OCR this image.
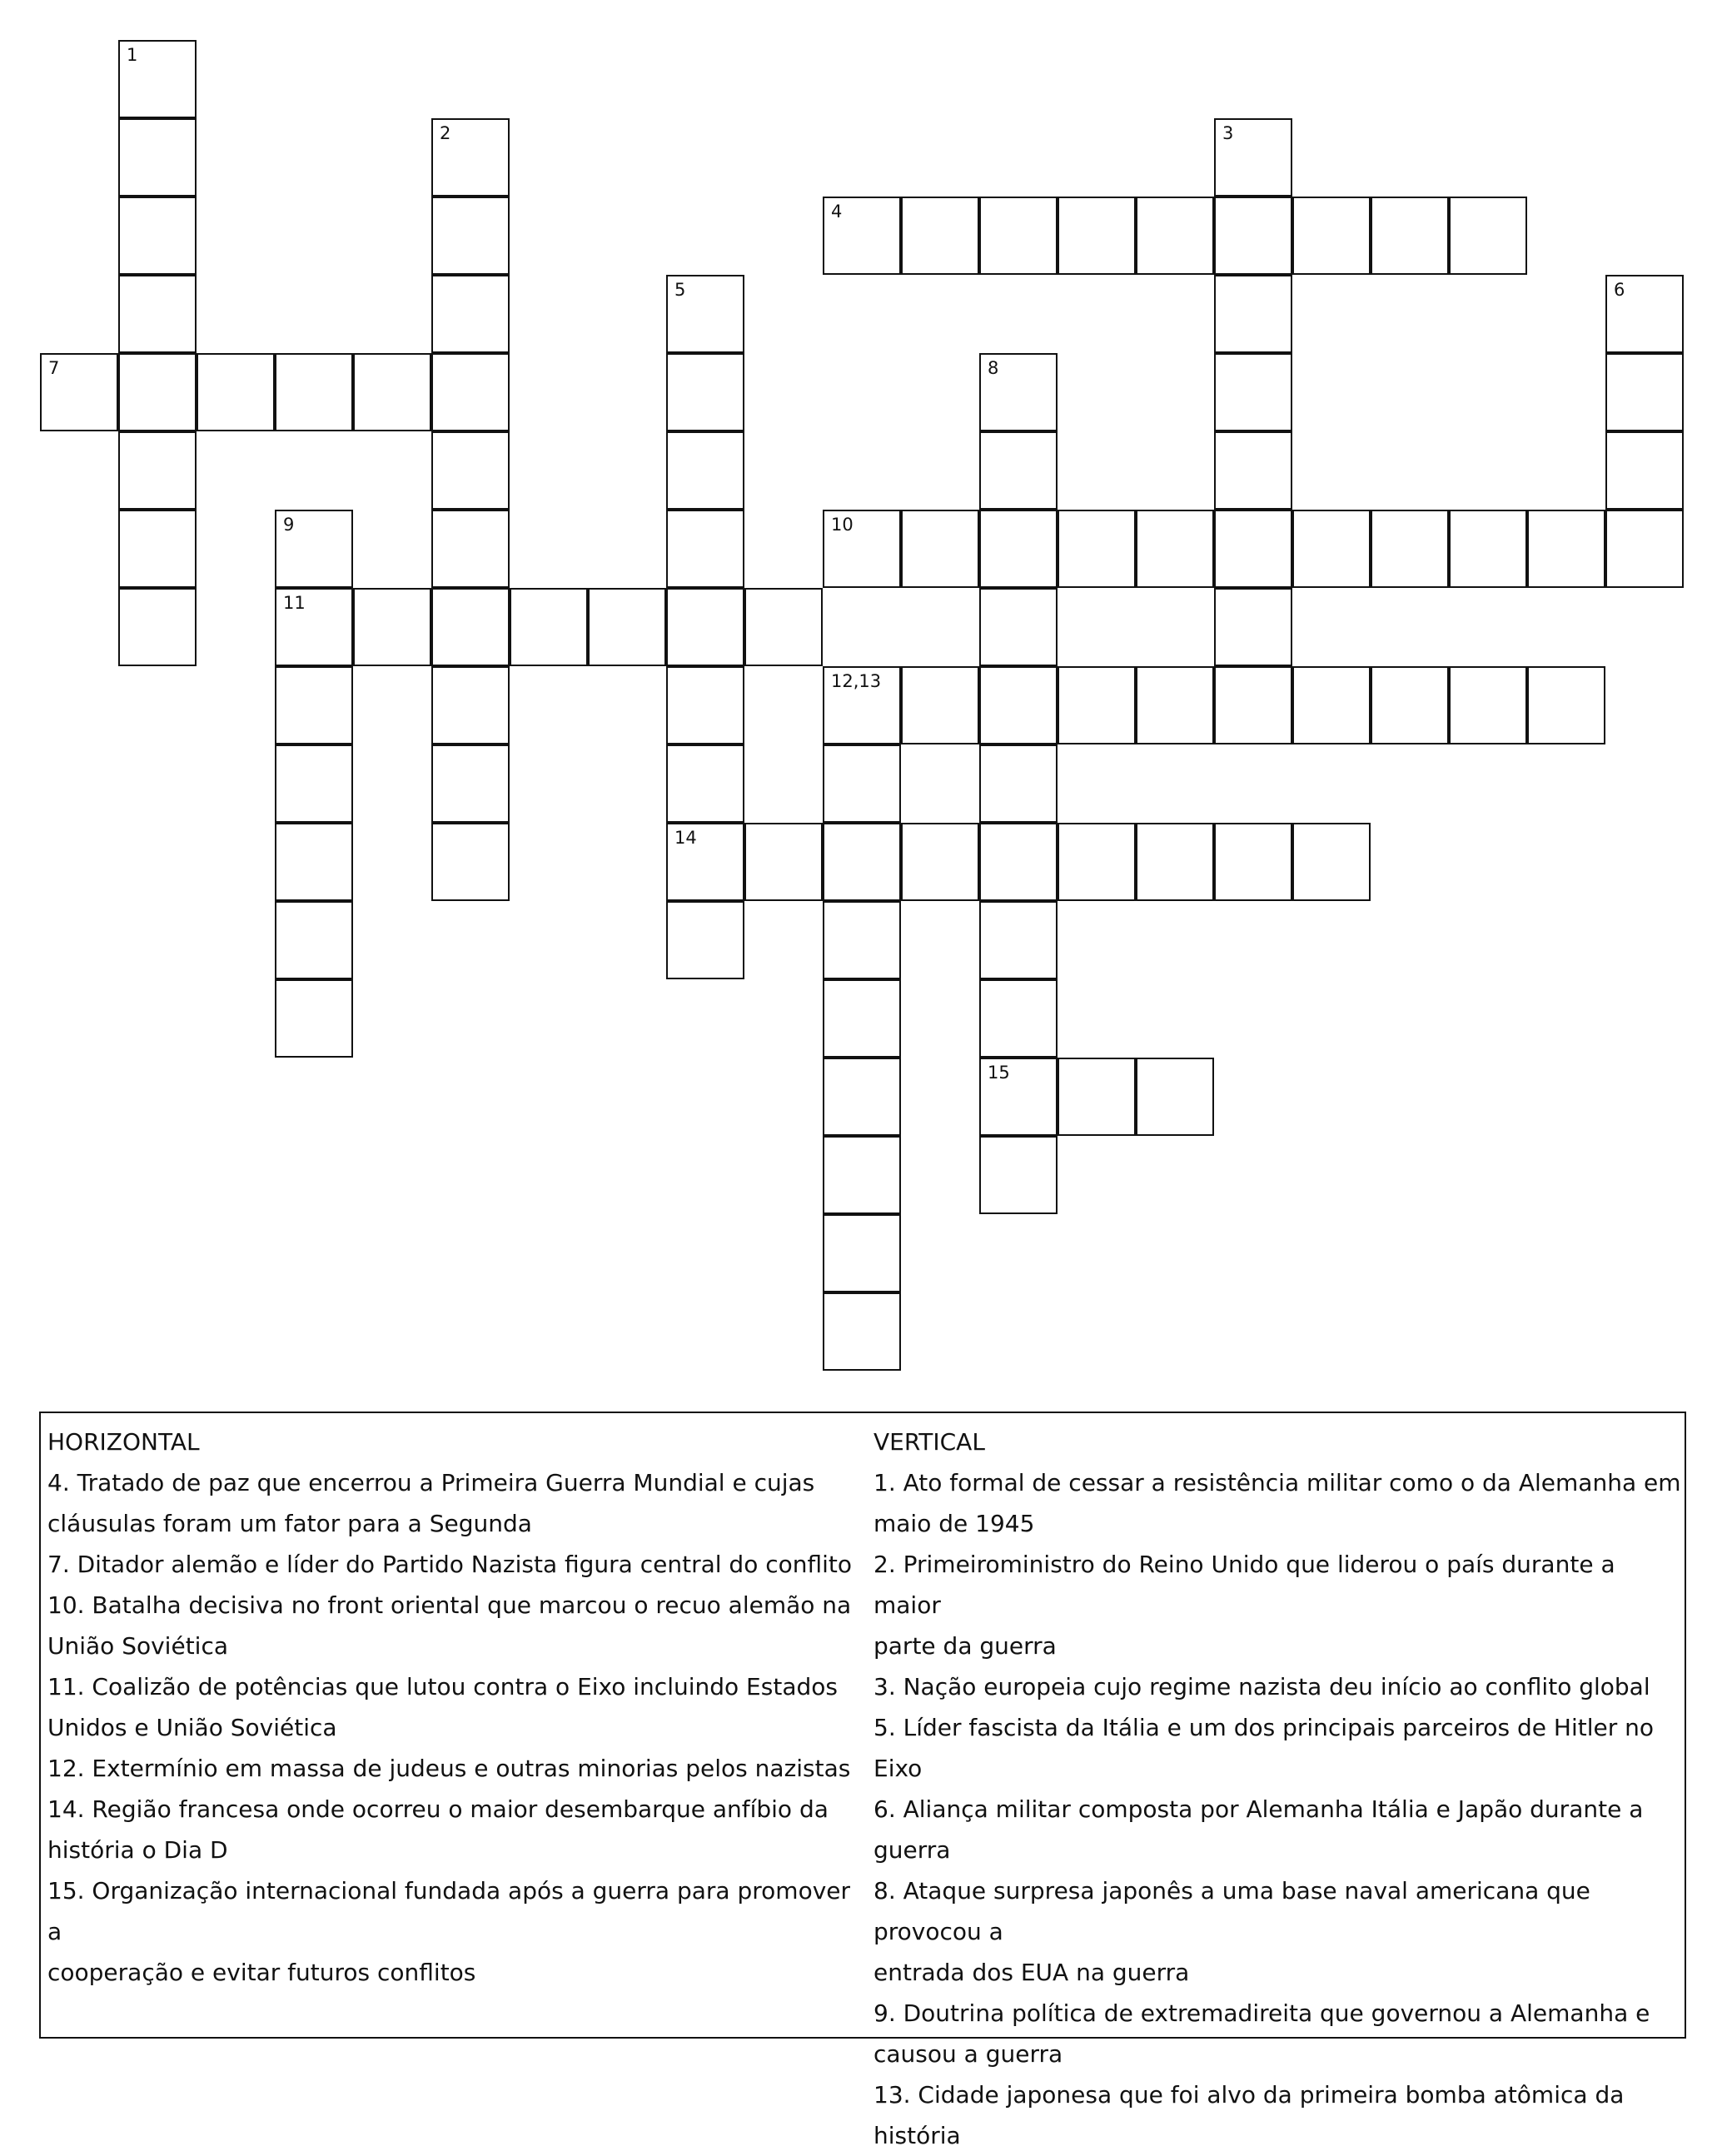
1
2	3
4
5
14
6
7	8
15
9
11
10
12,13

HORIZONTAL

4. Tratado de paz que encerrou a Primeira Guerra Mundial e cujas

cláusulas foram um fator para a Segunda

7. Ditador alemão e líder do Partido Nazista figura central do conflito

10. Batalha decisiva no front oriental que marcou o recuo alemão na

União Soviética

11. Coalizão de potências que lutou contra o Eixo incluindo Estados

Unidos e União Soviética

12. Extermínio em massa de judeus e outras minorias pelos nazistas

14. Região francesa onde ocorreu o maior desembarque anfíbio da

história o Dia D

15. Organização internacional fundada após a guerra para promover a

cooperação e evitar futuros conflitos

VERTICAL

1. Ato formal de cessar a resistência militar como o da Alemanha em

maio de 1945

2. Primeiroministro do Reino Unido que liderou o país durante a maior

parte da guerra

3. Nação europeia cujo regime nazista deu início ao conflito global

5. Líder fascista da Itália e um dos principais parceiros de Hitler no Eixo

6. Aliança militar composta por Alemanha Itália e Japão durante a

guerra

8. Ataque surpresa japonês a uma base naval americana que provocou a

entrada dos EUA na guerra

9. Doutrina política de extremadireita que governou a Alemanha e

causou a guerra

13. Cidade japonesa que foi alvo da primeira bomba atômica da história
